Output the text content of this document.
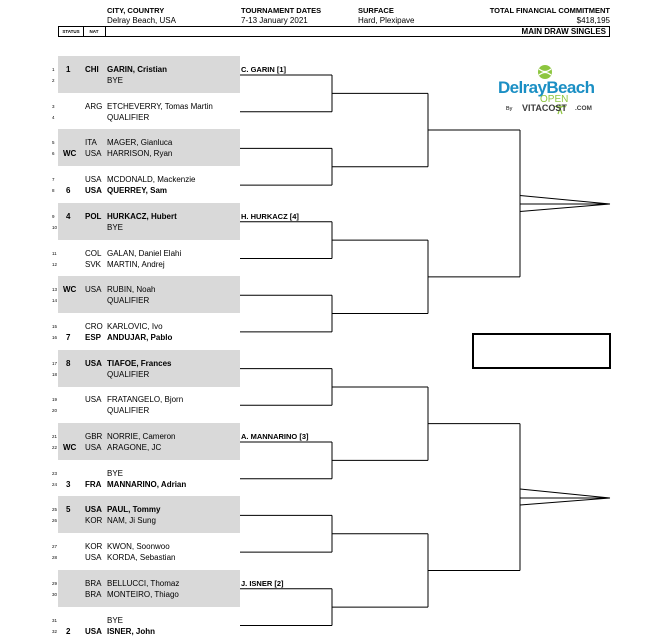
CITY, COUNTRY
Delray Beach, USA
TOURNAMENT DATES
7-13 January 2021
SURFACE
Hard, Plexipave
TOTAL FINANCIAL COMMITMENT
$418,195
STATUS	NAT	MAIN DRAW SINGLES
DelrayBeach
OPEN
By VITACOST .COM
1 1 CHI GARIN, Cristian
2	BYE
3	ARG ETCHEVERRY, Tomas Martin
4	QUALIFIER
5	ITA MAGER, Gianluca
6 WC USA HARRISON, Ryan
7	USA MCDONALD, Mackenzie
8 6 USA QUERREY, Sam
9 4 POL HURKACZ, Hubert
10	BYE
11	COL GALAN, Daniel Elahi
12	SVK MARTIN, Andrej
13 WC USA RUBIN, Noah
14	QUALIFIER
15	CRO KARLOVIC, Ivo
16 7 ESP ANDUJAR, Pablo
17 8 USA TIAFOE, Frances
18	QUALIFIER
19	USA FRATANGELO, Bjorn
20	QUALIFIER
21	GBR NORRIE, Cameron
22 WC USA ARAGONE, JC
23	BYE
24 3 FRA MANNARINO, Adrian
25 5 USA PAUL, Tommy
26	KOR NAM, Ji Sung
27	KOR KWON, Soonwoo
28	USA KORDA, Sebastian
29	BRA BELLUCCI, Thomaz
30	BRA MONTEIRO, Thiago
31	BYE
32 2 USA ISNER, John
C. GARIN [1]
H. HURKACZ [4]
A. MANNARINO [3]
J. ISNER [2]
